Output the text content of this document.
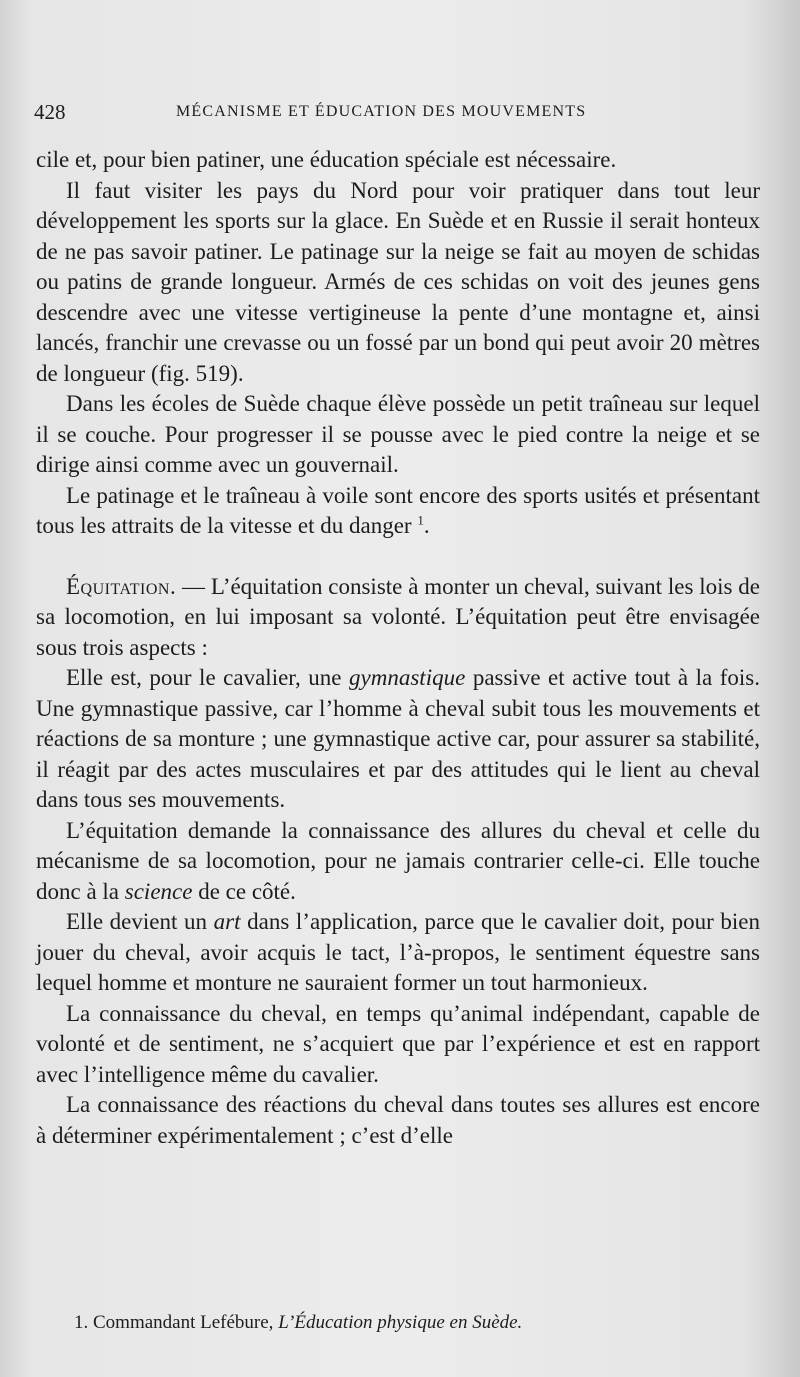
428	MÉCANISME ET ÉDUCATION DES MOUVEMENTS

cile et, pour bien patiner, une éducation spéciale est nécessaire.

Il faut visiter les pays du Nord pour voir pratiquer dans tout leur développement les sports sur la glace. En Suède et en Russie il serait honteux de ne pas savoir patiner. Le patinage sur la neige se fait au moyen de schidas ou patins de grande longueur. Armés de ces schidas on voit des jeunes gens descendre avec une vitesse vertigineuse la pente d’une montagne et, ainsi lancés, franchir une crevasse ou un fossé par un bond qui peut avoir 20 mètres de longueur (fig. 519).

Dans les écoles de Suède chaque élève possède un petit traîneau sur lequel il se couche. Pour progresser il se pousse avec le pied contre la neige et se dirige ainsi comme avec un gouvernail.

Le patinage et le traîneau à voile sont encore des sports usités et présentant tous les attraits de la vitesse et du danger $^1$.

Équitation. — L’équitation consiste à monter un cheval, suivant les lois de sa locomotion, en lui imposant sa volonté. L’équitation peut être envisagée sous trois aspects :

Elle est, pour le cavalier, une gymnastique passive et active tout à la fois. Une gymnastique passive, car l’homme à cheval subit tous les mouvements et réactions de sa monture ; une gymnastique active car, pour assurer sa stabilité, il réagit par des actes musculaires et par des attitudes qui le lient au cheval dans tous ses mouvements.

L’équitation demande la connaissance des allures du cheval et celle du mécanisme de sa locomotion, pour ne jamais contrarier celle-ci. Elle touche donc à la science de ce côté.

Elle devient un art dans l’application, parce que le cavalier doit, pour bien jouer du cheval, avoir acquis le tact, l’à-propos, le sentiment équestre sans lequel homme et monture ne sauraient former un tout harmonieux.

La connaissance du cheval, en temps qu’animal indépendant, capable de volonté et de sentiment, ne s’acquiert que par l’expérience et est en rapport avec l’intelligence même du cavalier.

La connaissance des réactions du cheval dans toutes ses allures est encore à déterminer expérimentalement ; c’est d’elle

1. Commandant Lefébure, L’Éducation physique en Suède.
